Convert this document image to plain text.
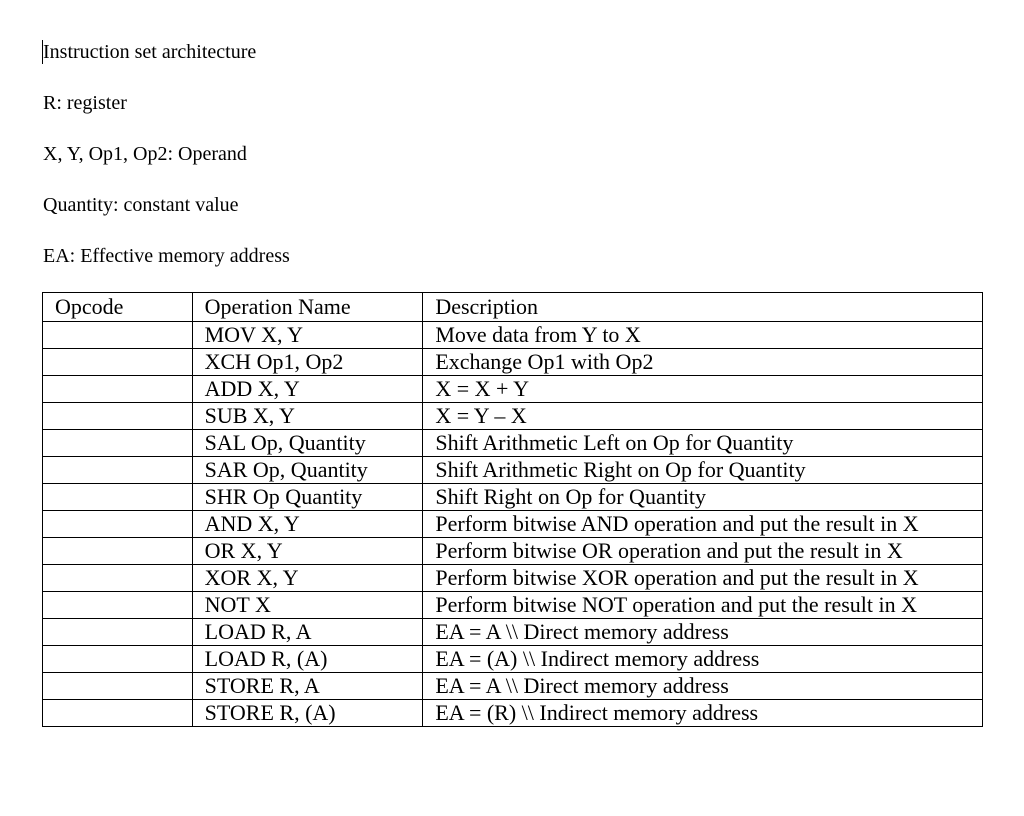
Instruction set architecture

R: register

X, Y, Op1, Op2: Operand

Quantity: constant value

EA: Effective memory address

Opcode	Operation Name	Description
	MOV X, Y	Move data from Y to X
	XCH Op1, Op2	Exchange Op1 with Op2
	ADD X, Y	X = X + Y
	SUB X, Y	X = Y – X
	SAL Op, Quantity	Shift Arithmetic Left on Op for Quantity
	SAR Op, Quantity	Shift Arithmetic Right on Op for Quantity
	SHR Op Quantity	Shift Right on Op for Quantity
	AND X, Y	Perform bitwise AND operation and put the result in X
	OR X, Y	Perform bitwise OR operation and put the result in X
	XOR X, Y	Perform bitwise XOR operation and put the result in X
	NOT X	Perform bitwise NOT operation and put the result in X
	LOAD R, A	EA = A \\ Direct memory address
	LOAD R, (A)	EA = (A) \\ Indirect memory address
	STORE R, A	EA = A \\ Direct memory address
	STORE R, (A)	EA = (R) \\ Indirect memory address
